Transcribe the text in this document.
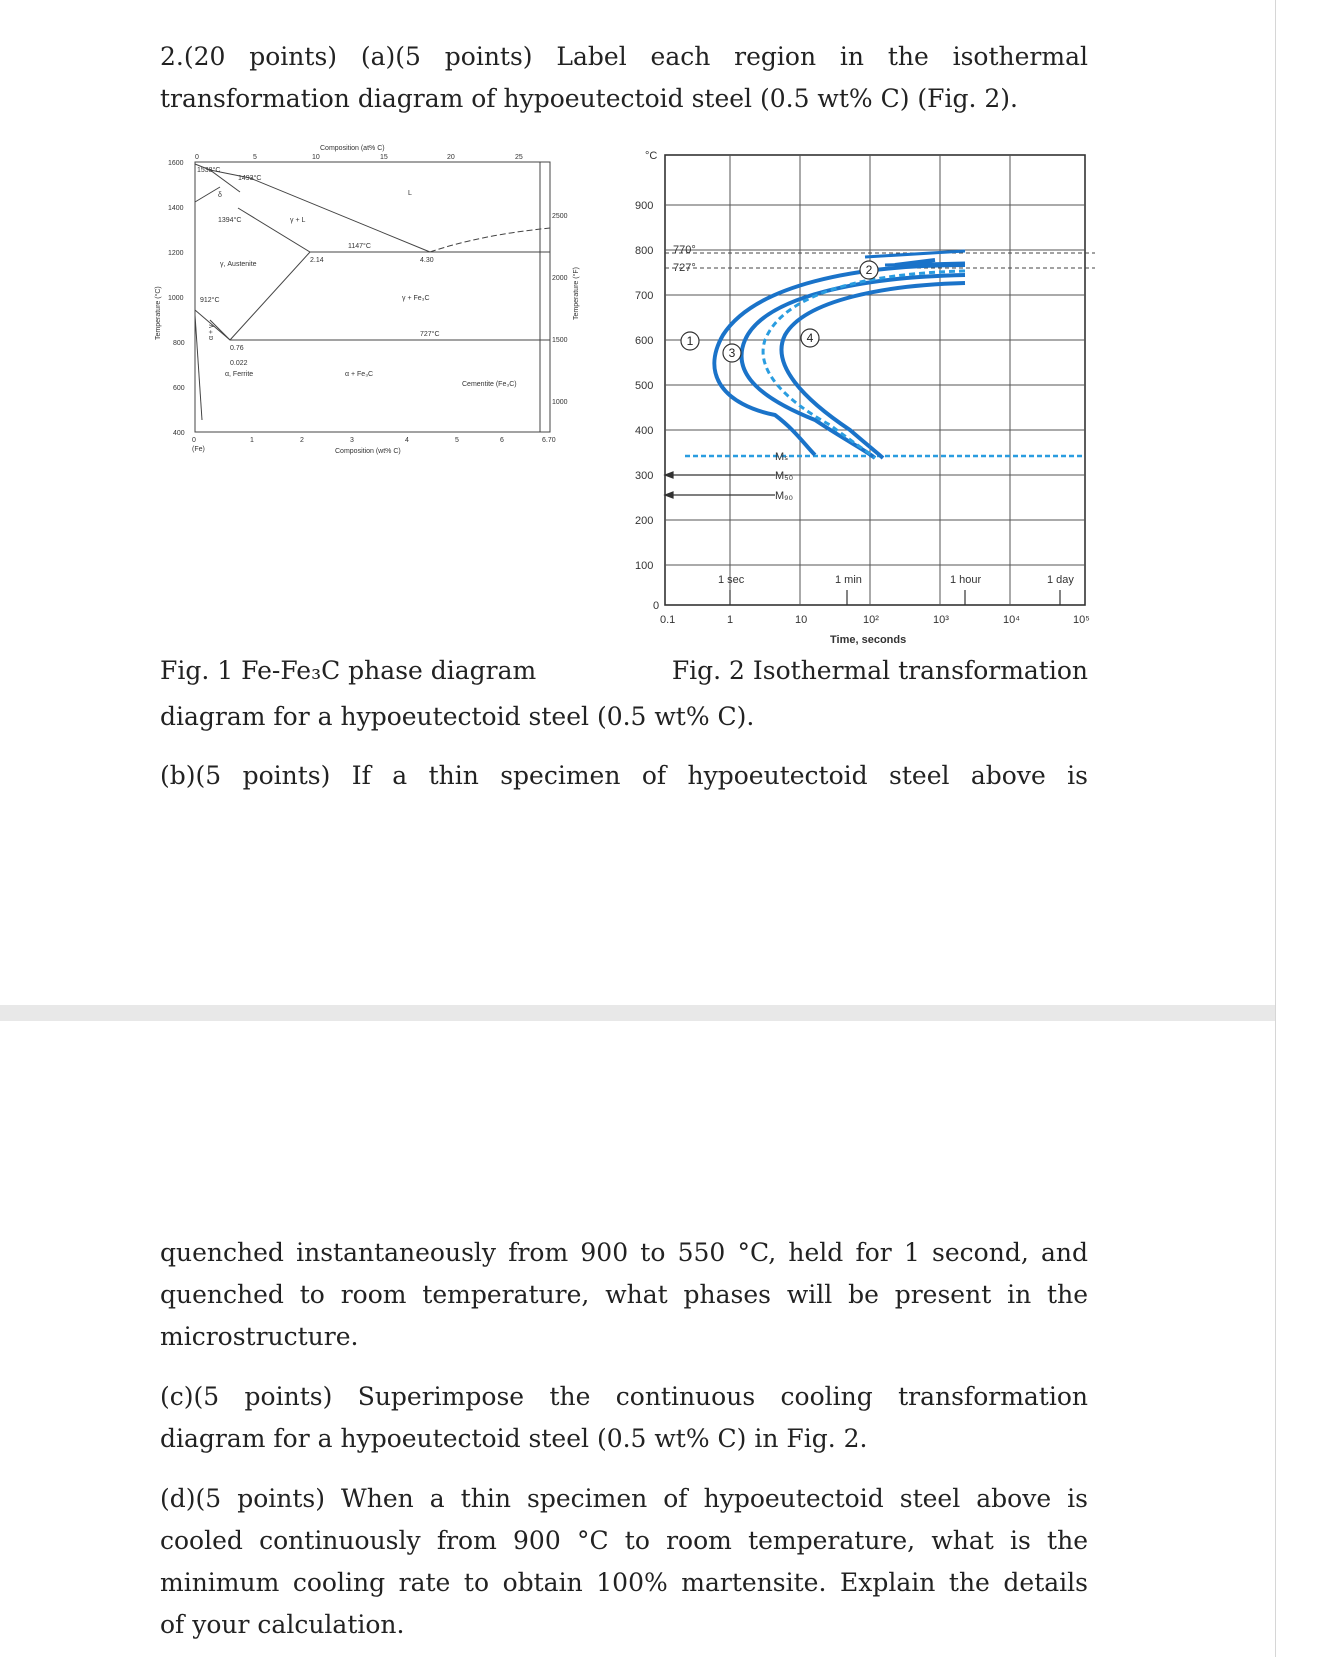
2.(20 points) (a)(5 points) Label each region in the isothermal
transformation diagram of hypoeutectoid steel (0.5 wt% C) (Fig. 2).
Composition (at% C)
0	5	10	15	20	25
1600
1400
1200
1000
800
600
400
Temperature (°C)
2500
2000
1500
1000
Temperature (°F)
0
(Fe)
1	2	3	4	5	6	6.70
Composition (wt% C)
1538°C
1493°C
δ
1394°C	γ + L
L
γ, Austenite
1147°C
2.14	4.30
912°C	γ + Fe₃C
727°C
α + γ
0.76
0.022
α, Ferrite	α + Fe₃C
Cementite (Fe₃C)
1
2
3
4
°C
900
800
700
600
500
400
300
200
100
0
770°
727°
Mₛ
M₅₀
M₉₀
0.1	1	10	10²	10³	10⁴	10⁵
Time, seconds
1 sec	1 min	1 hour	1 day
Fig. 1 Fe-Fe₃C phase diagram	Fig. 2 Isothermal transformation
diagram for a hypoeutectoid steel (0.5 wt% C).
(b)(5 points) If a thin specimen of hypoeutectoid steel above is
quenched instantaneously from 900 to 550 °C, held for 1 second, and
quenched to room temperature, what phases will be present in the
microstructure.
(c)(5 points) Superimpose the continuous cooling transformation
diagram for a hypoeutectoid steel (0.5 wt% C) in Fig. 2.
(d)(5 points) When a thin specimen of hypoeutectoid steel above is
cooled continuously from 900 °C to room temperature, what is the
minimum cooling rate to obtain 100% martensite. Explain the details
of your calculation.
